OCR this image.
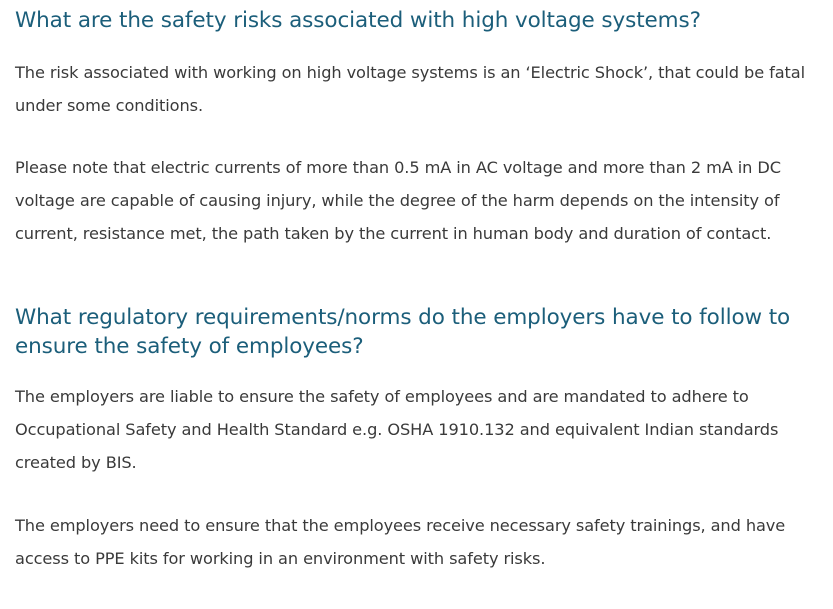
What are the safety risks associated with high voltage systems?

The risk associated with working on high voltage systems is an ‘Electric Shock’, that could be fatal under some conditions.

Please note that electric currents of more than 0.5 mA in AC voltage and more than 2 mA in DC voltage are capable of causing injury, while the degree of the harm depends on the intensity of current, resistance met, the path taken by the current in human body and duration of contact.

What regulatory requirements/norms do the employers have to follow to ensure the safety of employees?

The employers are liable to ensure the safety of employees and are mandated to adhere to Occupational Safety and Health Standard e.g. OSHA 1910.132 and equivalent Indian standards created by BIS.

The employers need to ensure that the employees receive necessary safety trainings, and have access to PPE kits for working in an environment with safety risks.
